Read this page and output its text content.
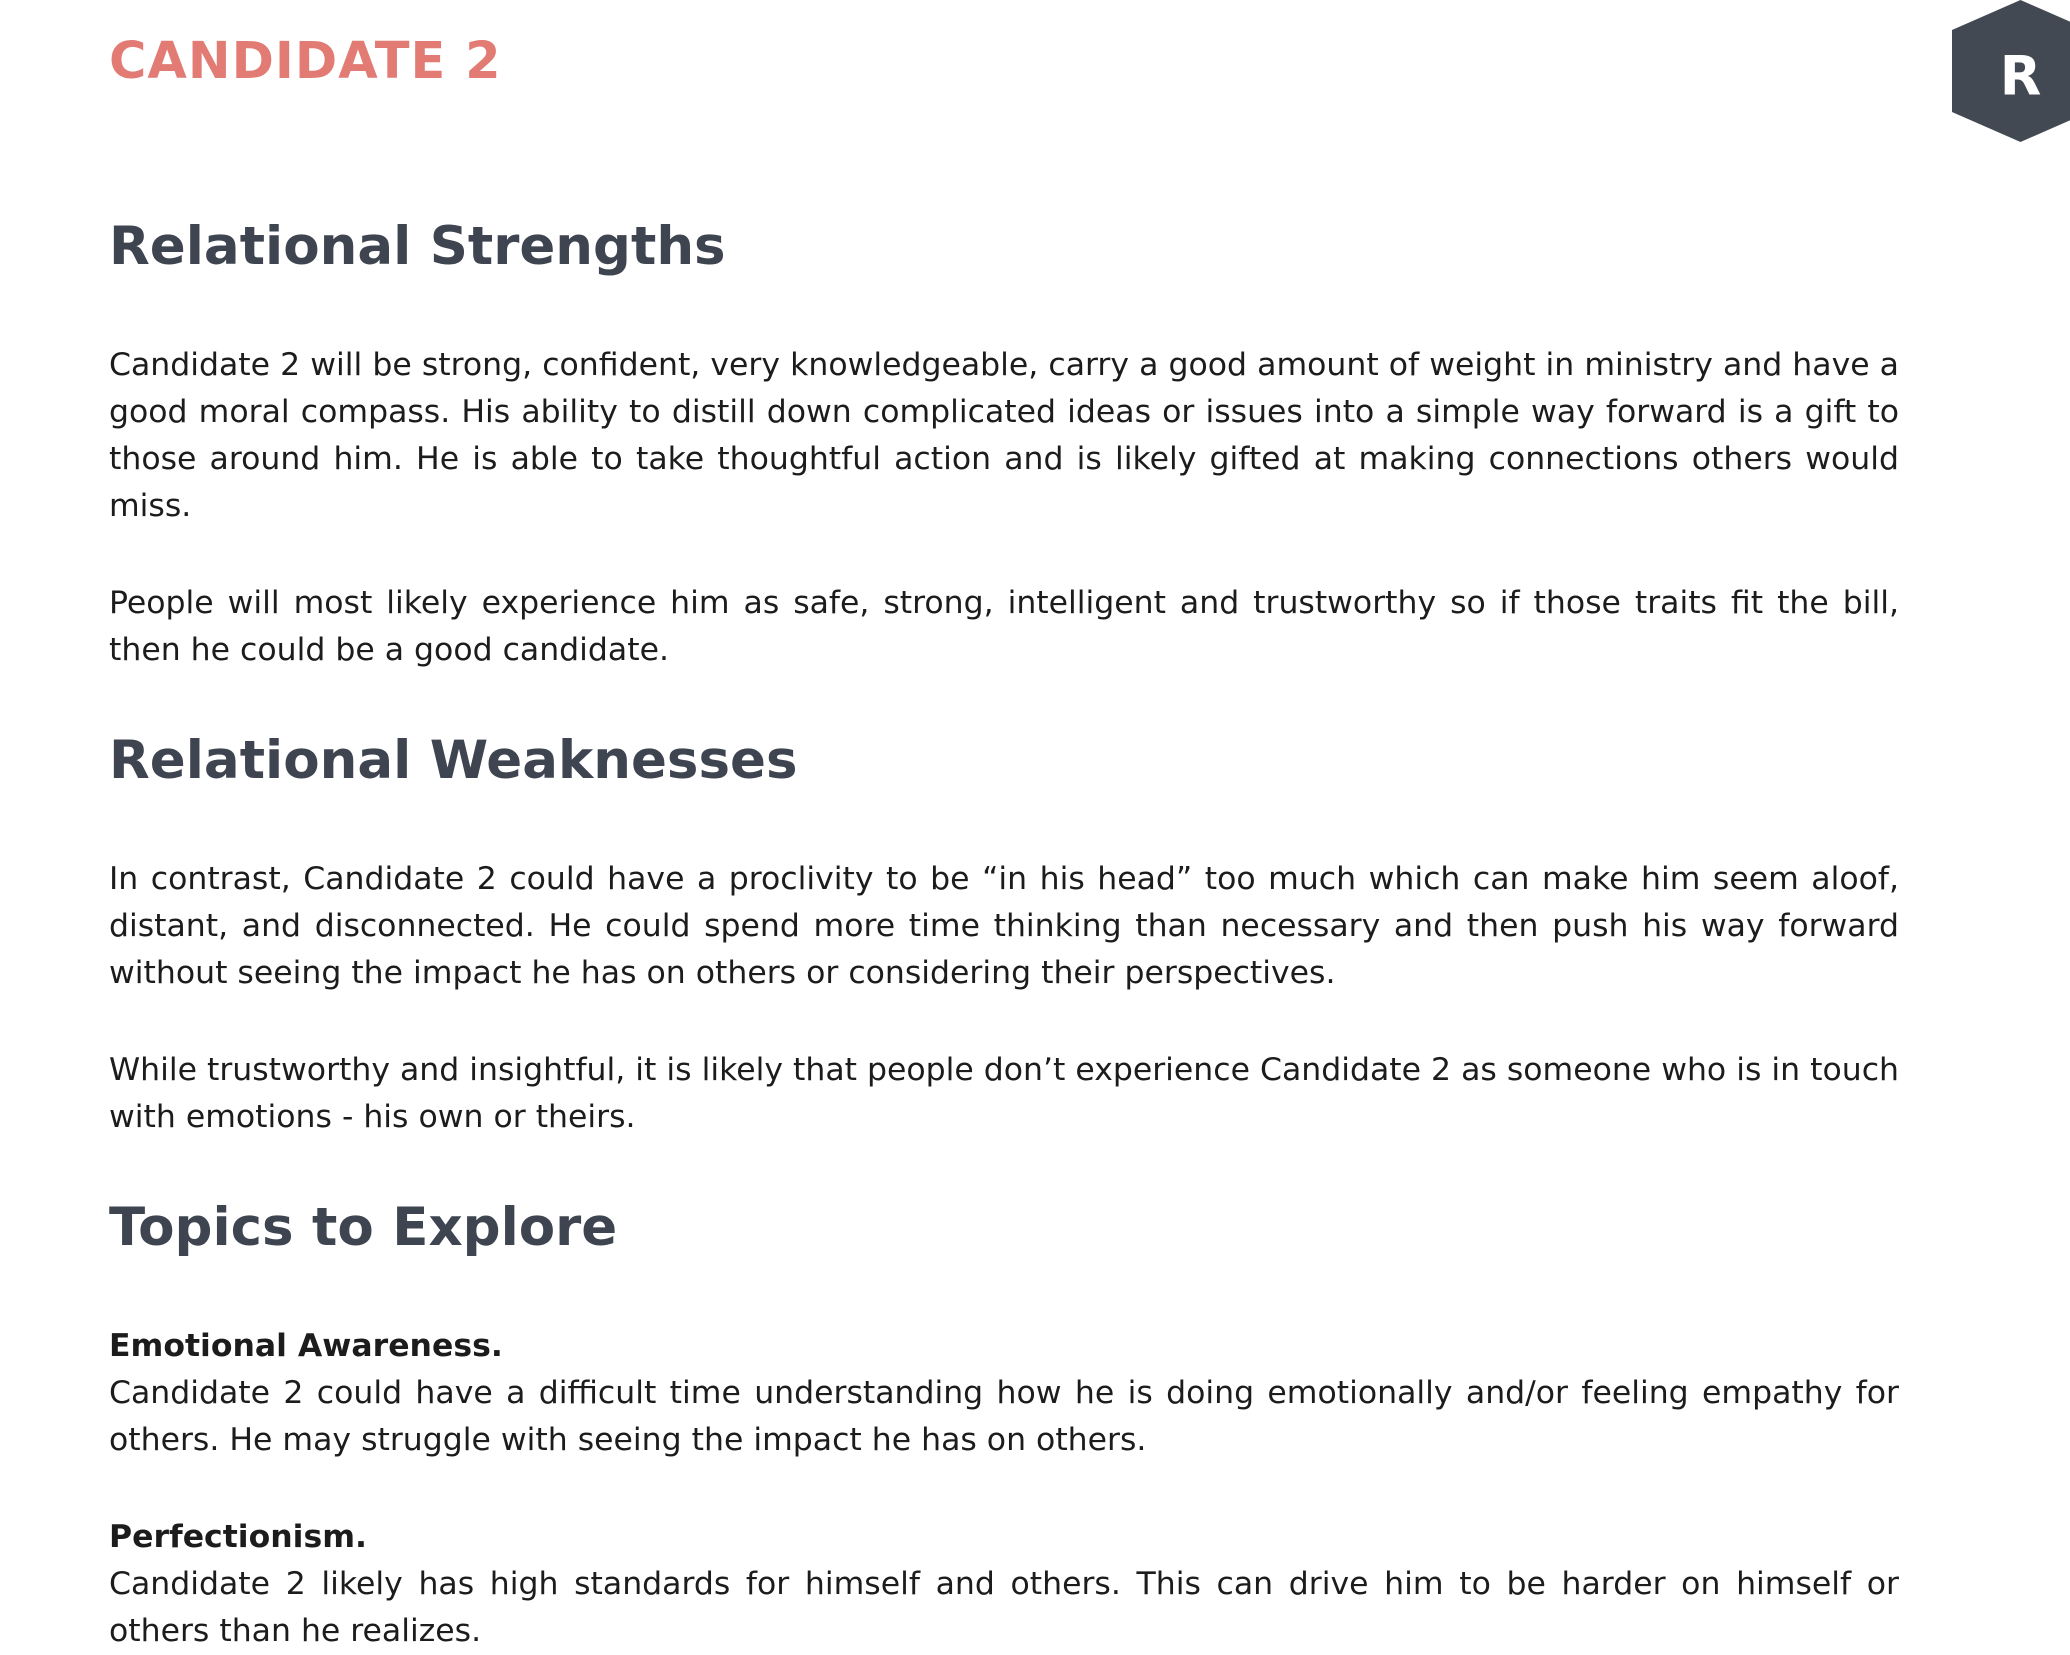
CANDIDATE 2	R
Relational Strengths

Candidate 2 will be strong, confident, very knowledgeable, carry a good amount of weight in ministry and have a good moral compass. His ability to distill down complicated ideas or issues into a simple way forward is a gift to those around him. He is able to take thoughtful action and is likely gifted at making connections others would miss.

People will most likely experience him as safe, strong, intelligent and trustworthy so if those traits fit the bill, then he could be a good candidate.

Relational Weaknesses

In contrast, Candidate 2 could have a proclivity to be “in his head” too much which can make him seem aloof, distant, and disconnected. He could spend more time thinking than necessary and then push his way forward without seeing the impact he has on others or considering their perspectives.

While trustworthy and insightful, it is likely that people don’t experience Candidate 2 as someone who is in touch with emotions - his own or theirs.

Topics to Explore

Emotional Awareness.
Candidate 2 could have a difficult time understanding how he is doing emotionally and/or feeling empathy for others. He may struggle with seeing the impact he has on others.

Perfectionism.
Candidate 2 likely has high standards for himself and others. This can drive him to be harder on himself or others than he realizes.
